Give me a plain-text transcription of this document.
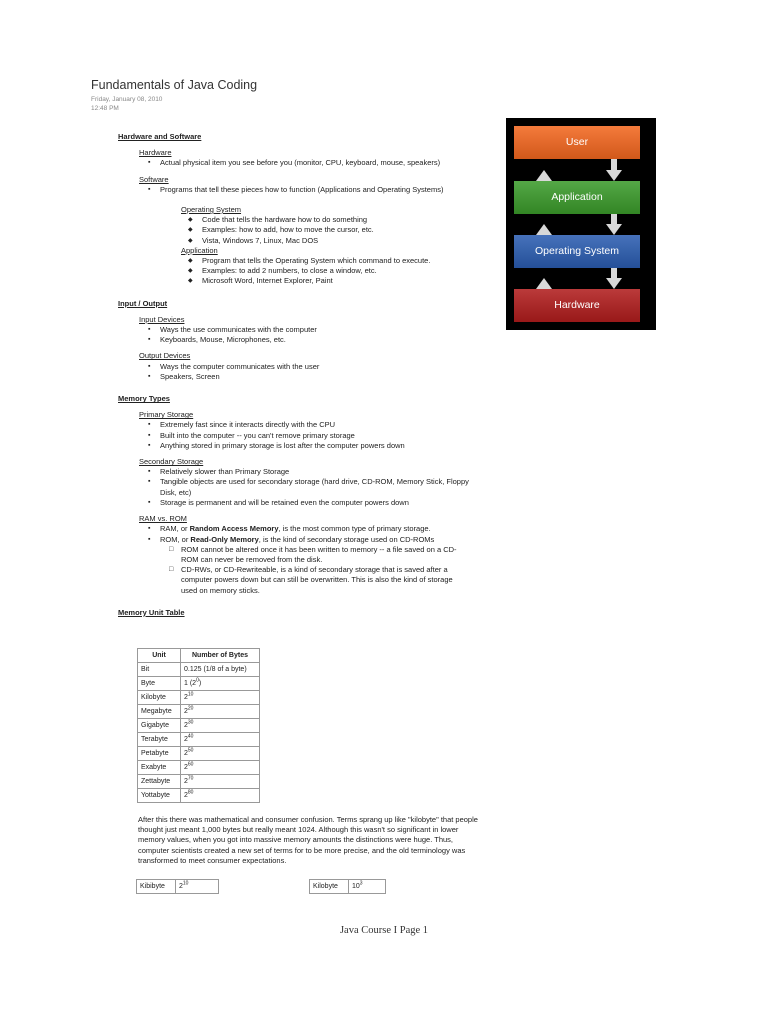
Fundamentals of Java Coding
Friday, January 08, 2010
12:48 PM
Hardware and Software
Hardware
▪ Actual physical item you see before you (monitor, CPU, keyboard, mouse, speakers)
Software
▪ Programs that tell these pieces how to function (Applications and Operating Systems)
Operating System
◆ Code that tells the hardware how to do something
◆ Examples: how to add, how to move the cursor, etc.
◆ Vista, Windows 7, Linux, Mac DOS
Application
◆ Program that tells the Operating System which command to execute.
◆ Examples: to add 2 numbers, to close a window, etc.
◆ Microsoft Word, Internet Explorer, Paint
Input / Output
Input Devices
▪ Ways the use communicates with the computer
▪ Keyboards, Mouse, Microphones, etc.
Output Devices
▪ Ways the computer communicates with the user
▪ Speakers, Screen
Memory Types
Primary Storage
▪ Extremely fast since it interacts directly with the CPU
▪ Built into the computer -- you can't remove primary storage
▪ Anything stored in primary storage is lost after the computer powers down
Secondary Storage
▪ Relatively slower than Primary Storage
▪ Tangible objects are used for secondary storage (hard drive, CD-ROM, Memory Stick, Floppy Disk, etc)
▪ Storage is permanent and will be retained even the computer powers down
RAM vs. ROM
▪ RAM, or Random Access Memory, is the most common type of primary storage.
▪ ROM, or Read-Only Memory, is the kind of secondary storage used on CD-ROMs
□ ROM cannot be altered once it has been written to memory -- a file saved on a CD-ROM can never be removed from the disk.
□ CD-RWs, or CD-Rewriteable, is a kind of secondary storage that is saved after a computer powers down but can still be overwritten. This is also the kind of storage used on memory sticks.
Memory Unit Table
Unit	Number of Bytes
Bit	0.125 (1/8 of a byte)
Byte	1 $(2^0)$
Kilobyte	$2^{10}$
Megabyte	$2^{20}$
Gigabyte	$2^{30}$
Terabyte	$2^{40}$
Petabyte	$2^{50}$
Exabyte	$2^{60}$
Zettabyte	$2^{70}$
Yottabyte	$2^{80}$
After this there was mathematical and consumer confusion. Terms sprang up like "kilobyte" that people thought just meant 1,000 bytes but really meant 1024. Although this wasn't so significant in lower memory values, when you got into massive memory amounts the distinctions were huge. Thus, computer scientists created a new set of terms for to be more precise, and the old terminology was transformed to meet consumer expectations.
Kibibyte	$2^{10}$	Kilobyte	$10^3$
User
Application
Operating System
Hardware
Java Course I Page 1
